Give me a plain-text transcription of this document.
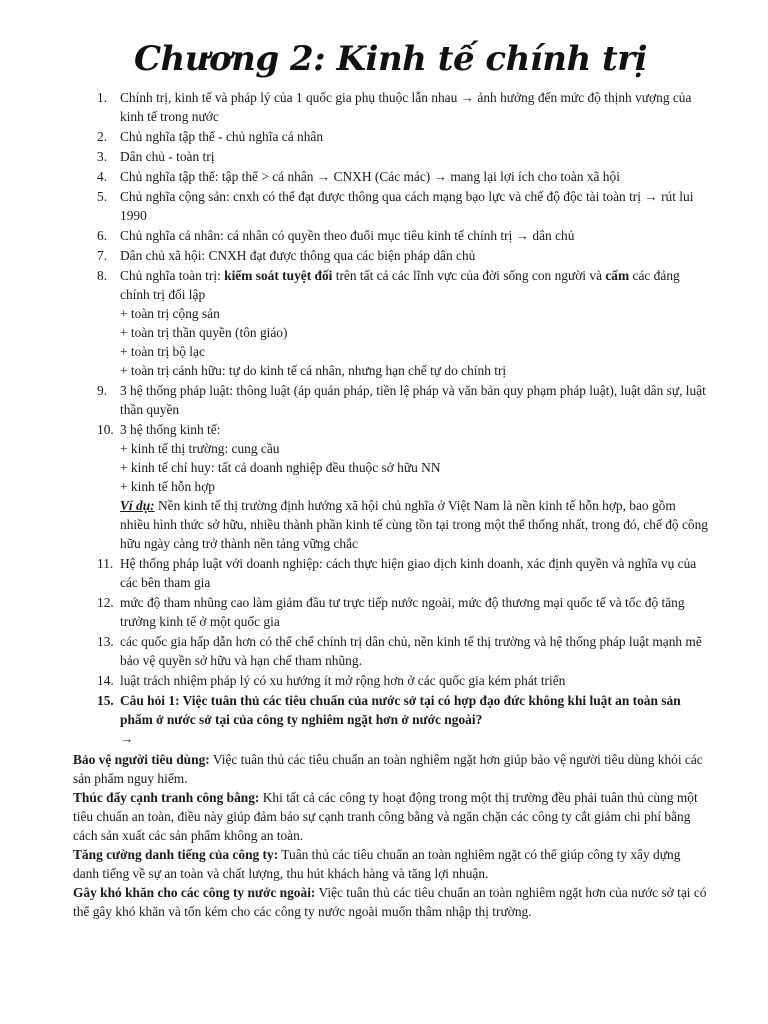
Chương 2: Kinh tế chính trị
1. Chính trị, kinh tế và pháp lý của 1 quốc gia phụ thuộc lẫn nhau → ảnh hưởng đến mức độ thịnh vượng của kinh tế trong nước
2. Chủ nghĩa tập thể - chủ nghĩa cá nhân
3. Dân chủ - toàn trị
4. Chủ nghĩa tập thể: tập thể > cá nhân → CNXH (Các mác) → mang lại lợi ích cho toàn xã hội
5. Chủ nghĩa cộng sản: cnxh có thể đạt được thông qua cách mạng bạo lực và chế độ độc tài toàn trị → rút lui 1990
6. Chủ nghĩa cá nhân: cá nhân có quyền theo đuổi mục tiêu kinh tế chính trị → dân chủ
7. Dân chủ xã hội: CNXH đạt được thông qua các biện pháp dân chủ
8. Chủ nghĩa toàn trị: kiểm soát tuyệt đối trên tất cả các lĩnh vực của đời sống con người và cấm các đảng chính trị đối lập
+ toàn trị cộng sản
+ toàn trị thần quyền (tôn giáo)
+ toàn trị bộ lạc
+ toàn trị cánh hữu: tự do kinh tế cá nhân, nhưng hạn chế tự do chính trị
9. 3 hệ thống pháp luật: thông luật (áp quán pháp, tiền lệ pháp và văn bản quy phạm pháp luật), luật dân sự, luật thần quyền
10. 3 hệ thống kinh tế:
+ kinh tế thị trường: cung cầu
+ kinh tế chỉ huy: tất cả doanh nghiệp đều thuộc sở hữu NN
+ kinh tế hỗn hợp
Ví dụ: Nền kinh tế thị trường định hướng xã hội chủ nghĩa ở Việt Nam là nền kinh tế hỗn hợp, bao gồm nhiều hình thức sở hữu, nhiều thành phần kinh tế cùng tồn tại trong một thể thống nhất, trong đó, chế độ công hữu ngày càng trở thành nền tảng vững chắc
11. Hệ thống pháp luật với doanh nghiệp: cách thực hiện giao dịch kinh doanh, xác định quyền và nghĩa vụ của các bên tham gia
12. mức độ tham nhũng cao làm giảm đầu tư trực tiếp nước ngoài, mức độ thương mại quốc tế và tốc độ tăng trưởng kinh tế ở một quốc gia
13. các quốc gia hấp dẫn hơn có thể chế chính trị dân chủ, nền kinh tế thị trường và hệ thống pháp luật mạnh mẽ bảo vệ quyền sở hữu và hạn chế tham nhũng.
14. luật trách nhiệm pháp lý có xu hướng ít mở rộng hơn ở các quốc gia kém phát triển
15. Câu hỏi 1: Việc tuân thủ các tiêu chuẩn của nước sở tại có hợp đạo đức không khi luật an toàn sản phẩm ở nước sở tại của công ty nghiêm ngặt hơn ở nước ngoài?
→

Bảo vệ người tiêu dùng: Việc tuân thủ các tiêu chuẩn an toàn nghiêm ngặt hơn giúp bảo vệ người tiêu dùng khỏi các sản phẩm nguy hiểm.

Thúc đẩy cạnh tranh công bằng: Khi tất cả các công ty hoạt động trong một thị trường đều phải tuân thủ cùng một tiêu chuẩn an toàn, điều này giúp đảm bảo sự cạnh tranh công bằng và ngăn chặn các công ty cắt giảm chi phí bằng cách sản xuất các sản phẩm không an toàn.

Tăng cường danh tiếng của công ty: Tuân thủ các tiêu chuẩn an toàn nghiêm ngặt có thể giúp công ty xây dựng danh tiếng về sự an toàn và chất lượng, thu hút khách hàng và tăng lợi nhuận.

Gây khó khăn cho các công ty nước ngoài: Việc tuân thủ các tiêu chuẩn an toàn nghiêm ngặt hơn của nước sở tại có thể gây khó khăn và tốn kém cho các công ty nước ngoài muốn thâm nhập thị trường.
